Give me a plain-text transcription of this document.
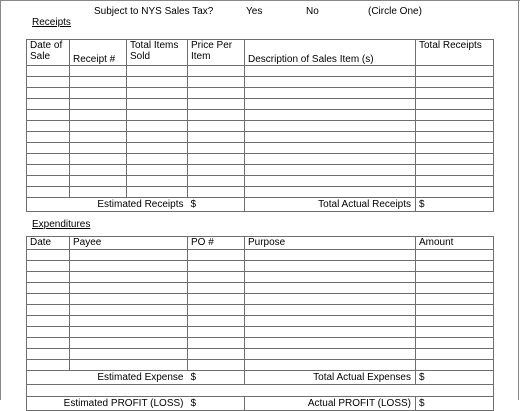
Subject to NYS Sales Tax?	Yes	No	(Circle One)
Receipts
Date of Sale	Receipt #	Total Items Sold	Price Per Item	Description of Sales Item (s)	Total Receipts

Estimated Receipts			$	Total Actual Receipts	$
Expenditures
Date	Payee	PO #	Purpose	Amount

Estimated Expense		$	Total Actual Expenses	$

Estimated PROFIT (LOSS)		$	Actual PROFIT (LOSS)	$
